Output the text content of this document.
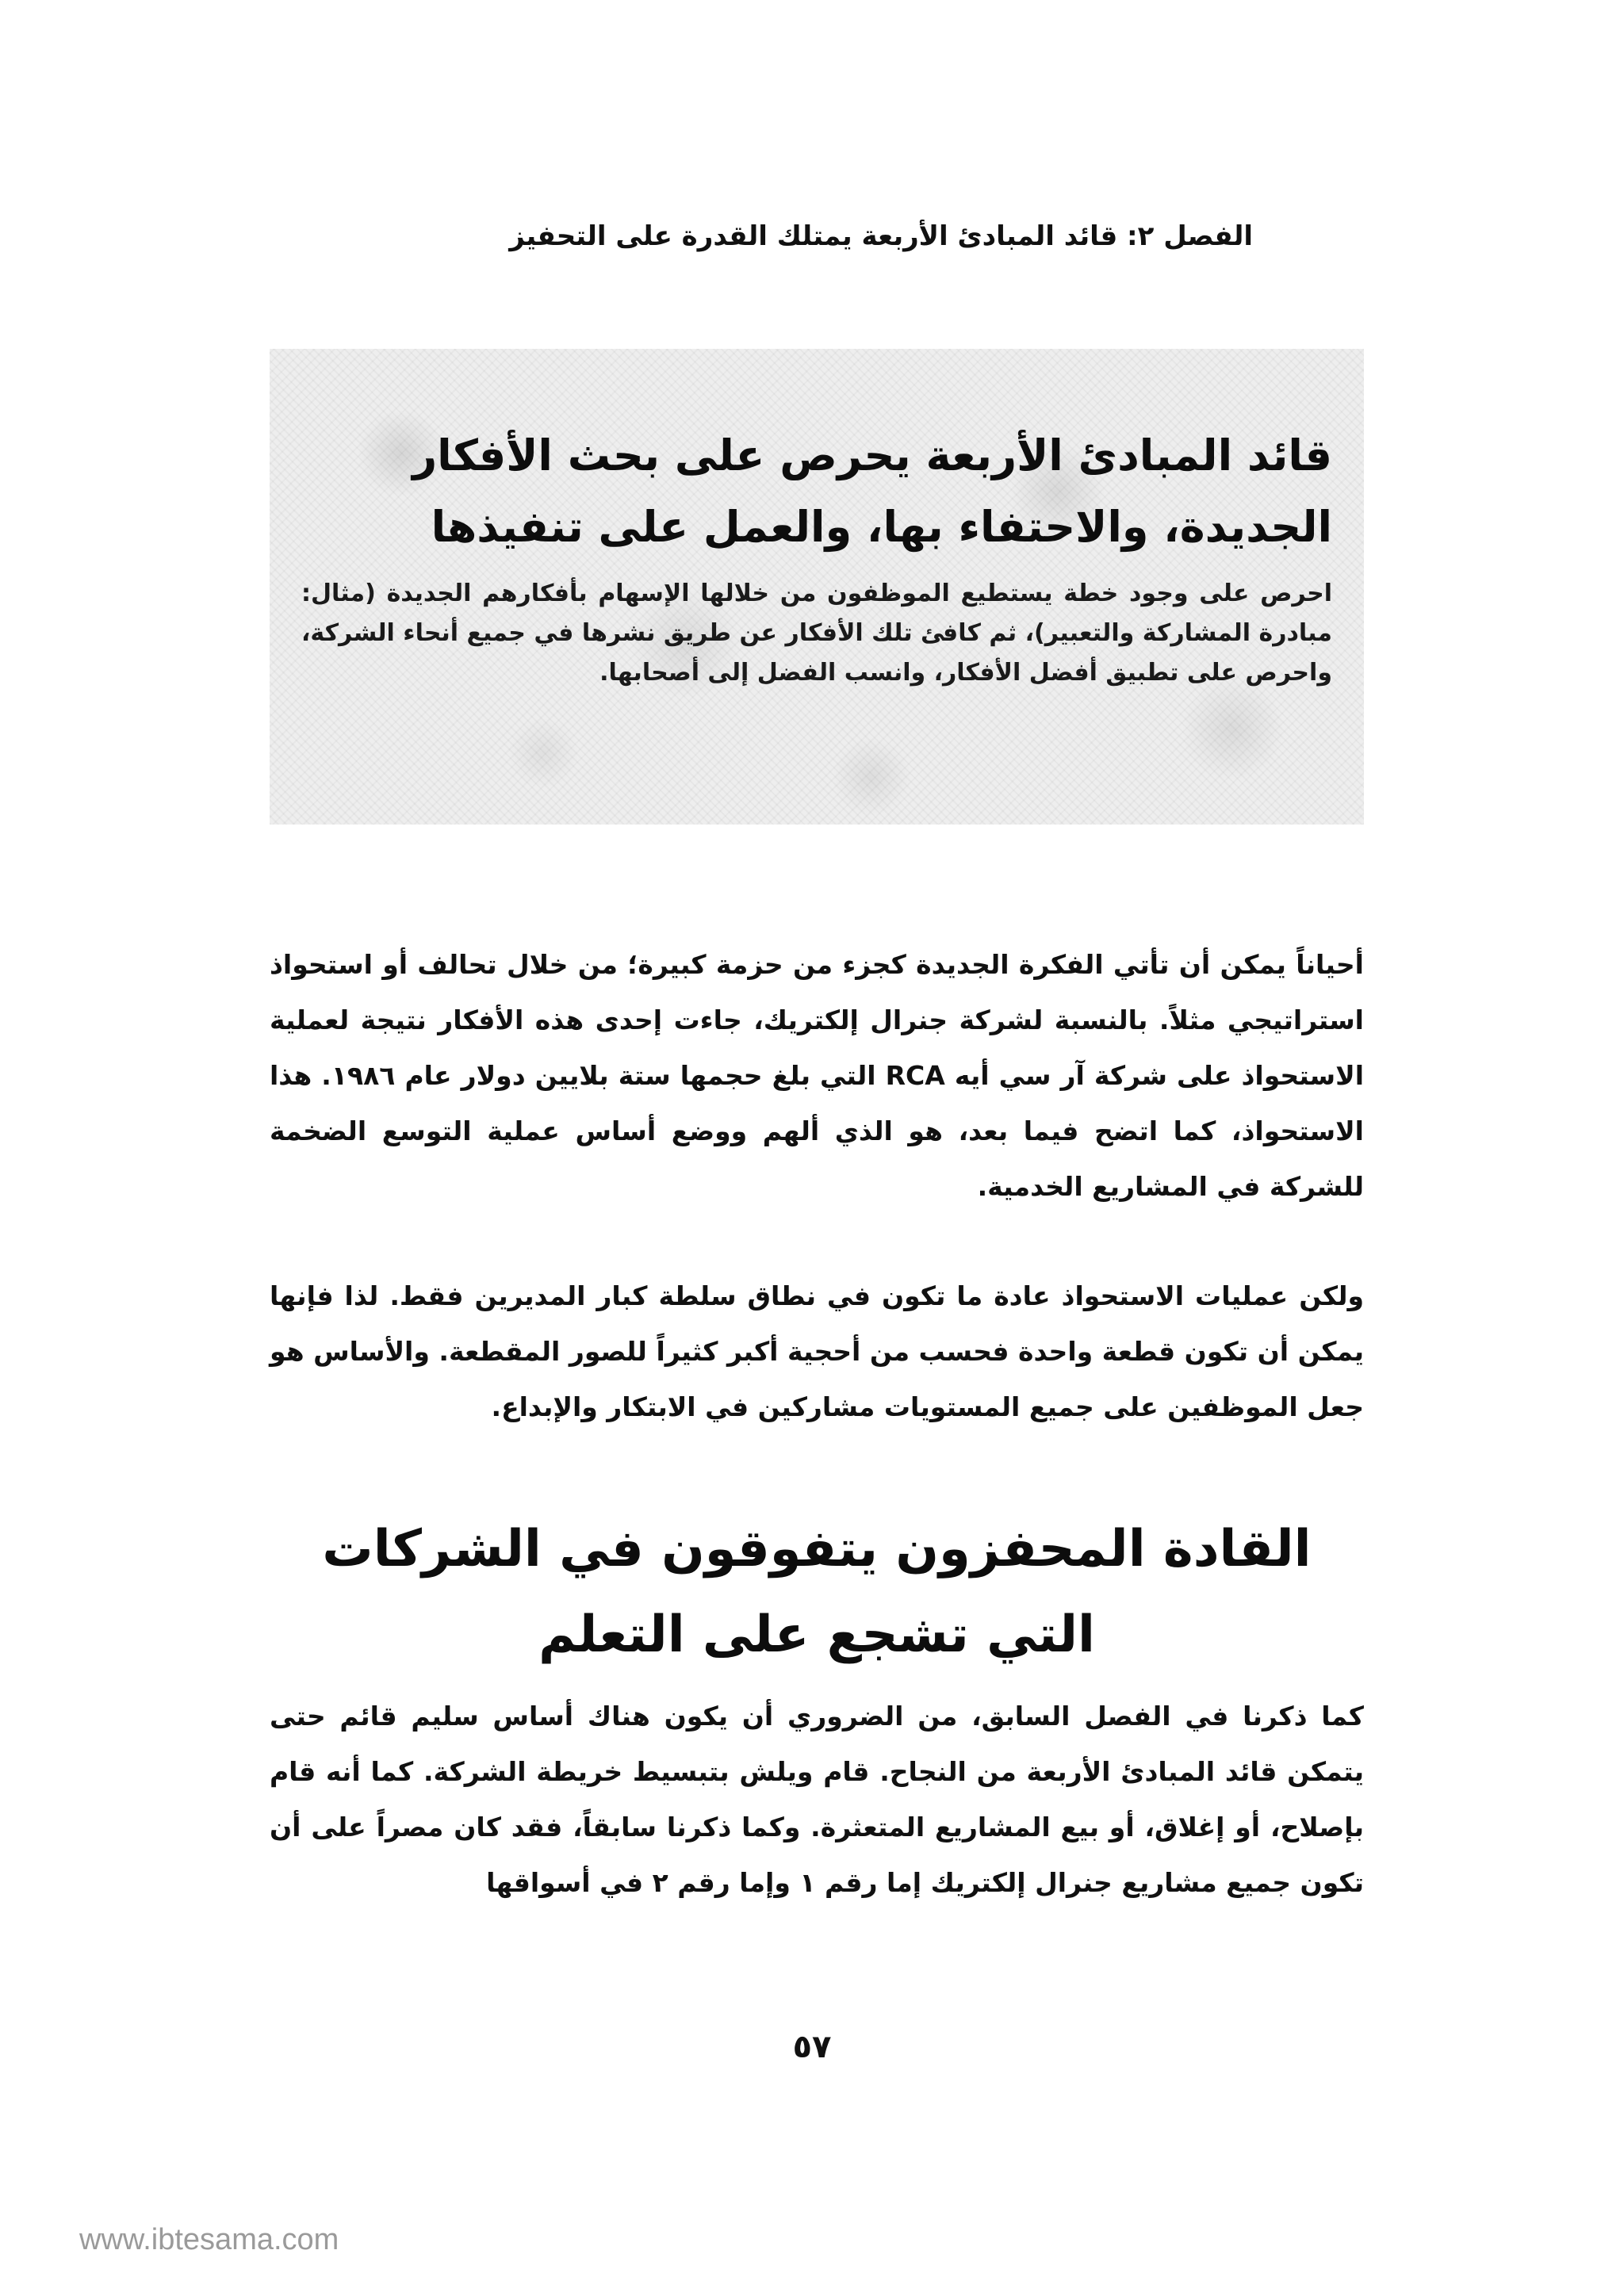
الفصل ٢: قائد المبادئ الأربعة يمتلك القدرة على التحفيز
قائد المبادئ الأربعة يحرص على بحث الأفكار الجديدة، والاحتفاء بها، والعمل على تنفيذها

احرص على وجود خطة يستطيع الموظفون من خلالها الإسهام بأفكارهم الجديدة (مثال: مبادرة المشاركة والتعبير)، ثم كافئ تلك الأفكار عن طريق نشرها في جميع أنحاء الشركة، واحرص على تطبيق أفضل الأفكار، وانسب الفضل إلى أصحابها.

أحياناً يمكن أن تأتي الفكرة الجديدة كجزء من حزمة كبيرة؛ من خلال تحالف أو استحواذ استراتيجي مثلاً. بالنسبة لشركة جنرال إلكتريك، جاءت إحدى هذه الأفكار نتيجة لعملية الاستحواذ على شركة آر سي أيه RCA التي بلغ حجمها ستة بلايين دولار عام ١٩٨٦. هذا الاستحواذ، كما اتضح فيما بعد، هو الذي ألهم ووضع أساس عملية التوسع الضخمة للشركة في المشاريع الخدمية.

ولكن عمليات الاستحواذ عادة ما تكون في نطاق سلطة كبار المديرين فقط. لذا فإنها يمكن أن تكون قطعة واحدة فحسب من أحجية أكبر كثيراً للصور المقطعة. والأساس هو جعل الموظفين على جميع المستويات مشاركين في الابتكار والإبداع.

القادة المحفزون يتفوقون في الشركات التي تشجع على التعلم

كما ذكرنا في الفصل السابق، من الضروري أن يكون هناك أساس سليم قائم حتى يتمكن قائد المبادئ الأربعة من النجاح. قام ويلش بتبسيط خريطة الشركة. كما أنه قام بإصلاح، أو إغلاق، أو بيع المشاريع المتعثرة. وكما ذكرنا سابقاً، فقد كان مصراً على أن تكون جميع مشاريع جنرال إلكتريك إما رقم ١ وإما رقم ٢ في أسواقها

٥٧
www.ibtesama.com
